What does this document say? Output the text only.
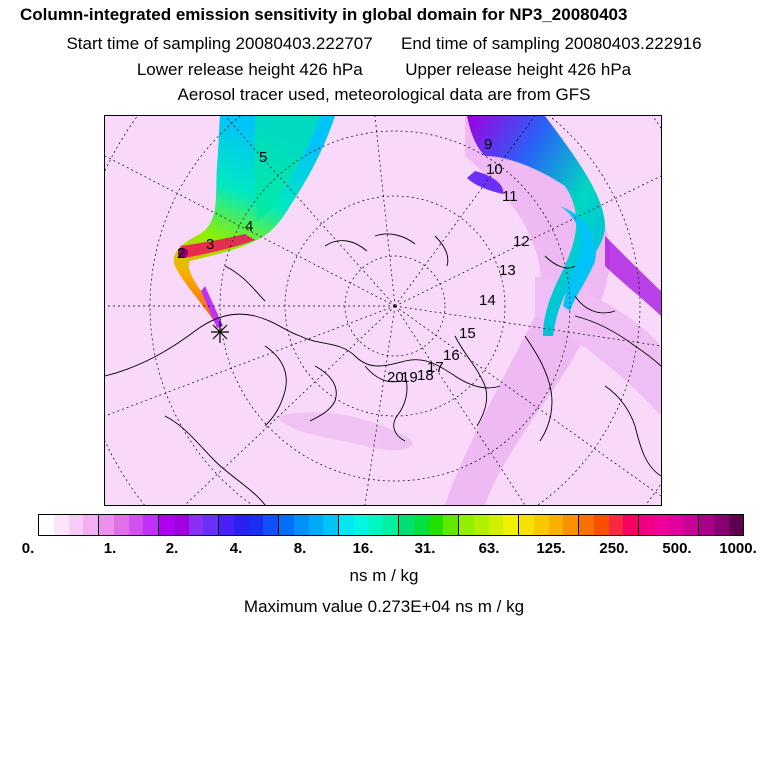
Column-integrated emission sensitivity in global domain for NP3_20080403
Start time of sampling 20080403.222707 End time of sampling 20080403.222916
Lower release height 426 hPa	Upper release height 426 hPa
Aerosol tracer used, meteorological data are from GFS
2
3
4
5
9
10
11
12
13
14
15
16
17
18
19
20
0.	1.	2.	4.	8.	16.	31.	63. 125. 250. 500. 1000.
ns m / kg
Maximum value 0.273E+04 ns m / kg
